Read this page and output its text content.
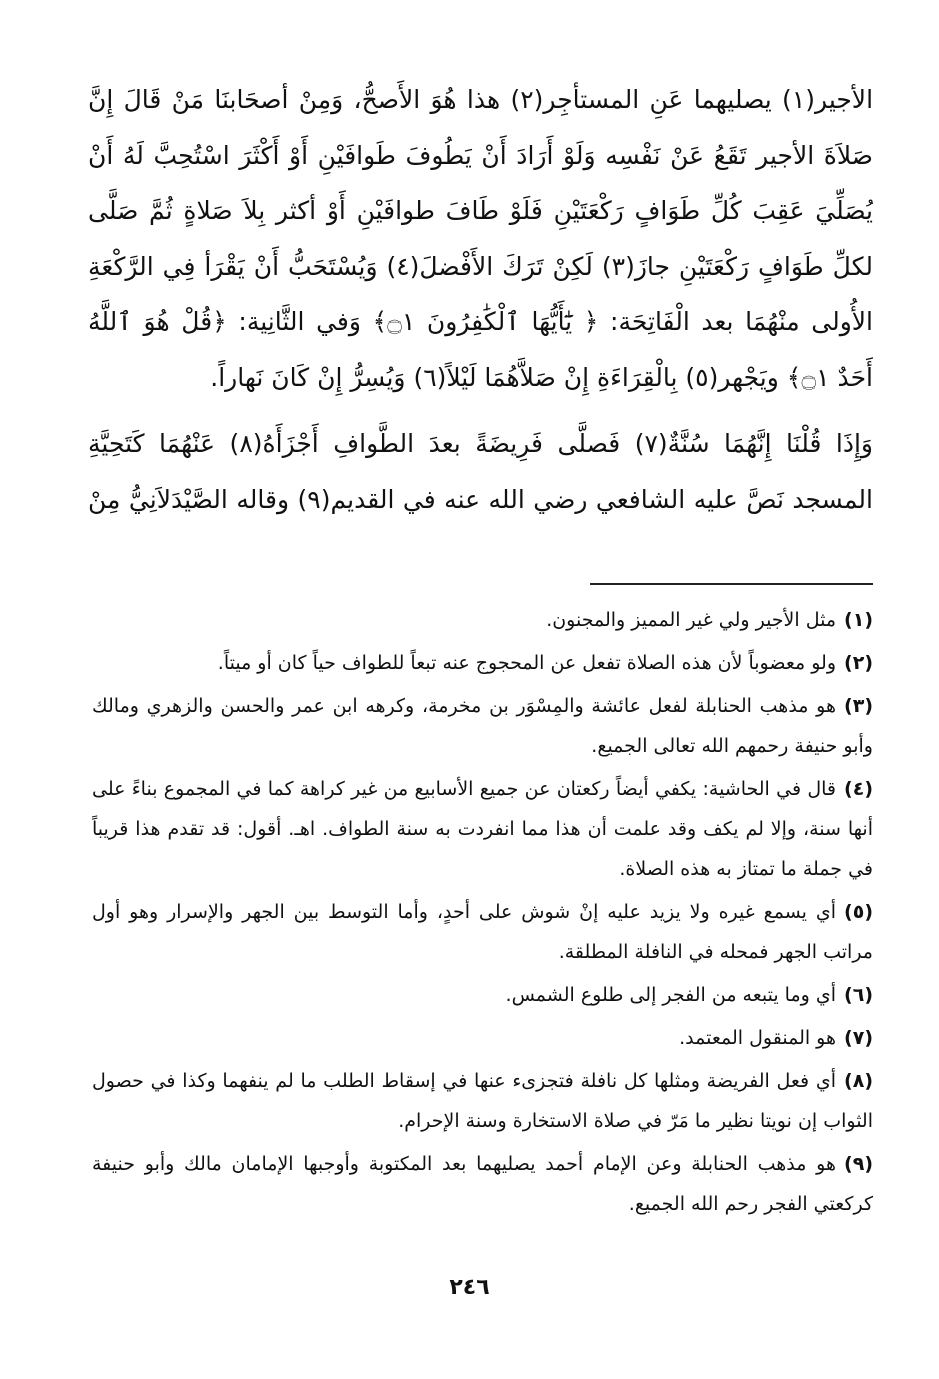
الأجير(١) يصليهما عَنِ المستأجِر(٢) هذا هُوَ الأَصحُّ، وَمِنْ أصحَابنَا مَنْ قَالَ إِنَّ
صَلاَةَ الأجير تَقَعُ عَنْ نَفْسِه وَلَوْ أَرَادَ أَنْ يَطُوفَ طَوافَيْنِ أَوْ أَكْثَرَ اسْتُحِبَّ لَهُ أَنْ
يُصَلِّيَ عَقِبَ كُلِّ طَوَافٍ رَكْعَتَيْنِ فَلَوْ طَافَ طوافَيْنِ أَوْ أكثر بِلاَ صَلاةٍ ثُمَّ صَلَّى
لكلِّ طَوَافٍ رَكْعَتَيْنِ جازَ(٣) لَكِنْ تَرَكَ الأَفْضلَ(٤) وَيُسْتَحَبُّ أَنْ يَقْرَأ فِي الرَّكْعَةِ
الأُولى منْهُمَا بعد الْفَاتِحَة: ﴿ يَٰٓأَيُّهَا ٱلْكَٰفِرُونَ ۝١﴾ وَفي الثَّانِية: ﴿قُلْ هُوَ ٱللَّهُ
أَحَدٌ ۝١﴾ ويَجْهر(٥) بِالْقِرَاءَةِ إِنْ صَلاَّهُمَا لَيْلاً(٦) وَيُسِرُّ إِنْ كَانَ نَهاراً.

وَإِذَا قُلْنَا إِنَّهُمَا سُنَّةٌ(٧) فَصلَّى فَرِيضَةً بعدَ الطَّوافِ أَجْزَأَهُ(٨) عَنْهُمَا كَتَحِيَّةِ
المسجد نَصَّ عليه الشافعي رضي الله عنه في القديم(٩) وقاله الصَّيْدَلاَنِيُّ مِنْ

(١)مثل الأجير ولي غير المميز والمجنون.

(٢)ولو معضوباً لأن هذه الصلاة تفعل عن المحجوج عنه تبعاً للطواف حياً كان أو ميتاً.

(٣)هو مذهب الحنابلة لفعل عائشة والمِسْوَر بن مخرمة، وكرهه ابن عمر والحسن والزهري ومالك وأبو حنيفة رحمهم الله تعالى الجميع.

(٤)قال في الحاشية: يكفي أيضاً ركعتان عن جميع الأسابيع من غير كراهة كما في المجموع بناءً على أنها سنة، وإلا لم يكف وقد علمت أن هذا مما انفردت به سنة الطواف. اهـ. أقول: قد تقدم هذا قريباً في جملة ما تمتاز به هذه الصلاة.

(٥)أي يسمع غيره ولا يزيد عليه إنْ شوش على أحدٍ، وأما التوسط بين الجهر والإسرار وهو أول مراتب الجهر فمحله في النافلة المطلقة.

(٦)أي وما يتبعه من الفجر إلى طلوع الشمس.

(٧)هو المنقول المعتمد.

(٨)أي فعل الفريضة ومثلها كل نافلة فتجزىء عنها في إسقاط الطلب ما لم ينفهما وكذا في حصول الثواب إن نويتا نظير ما مَرّ في صلاة الاستخارة وسنة الإحرام.

(٩)هو مذهب الحنابلة وعن الإمام أحمد يصليهما بعد المكتوبة وأوجبها الإمامان مالك وأبو حنيفة كركعتي الفجر رحم الله الجميع.

٢٤٦
